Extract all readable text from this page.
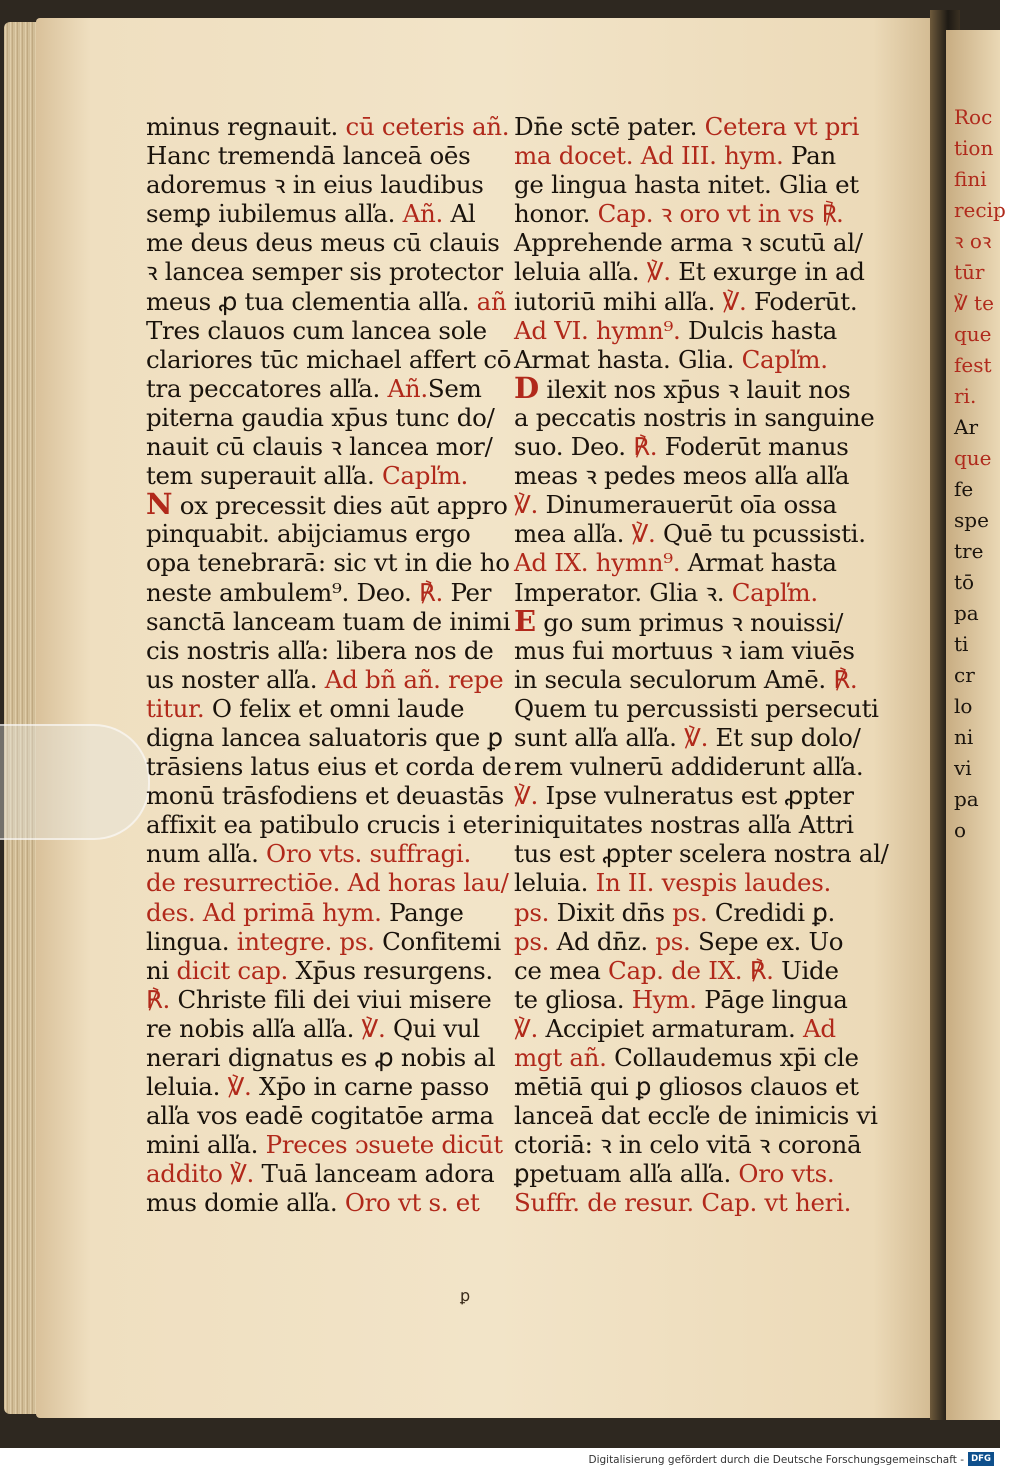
Roc
tion
fini
recip
ꝛ oꝛ
tūr
℣ te
que
fest
ri.
Ar
que
fe
spe
tre
tō
pa
ti
cr
lo
ni
vi
pa
o
minus regnauit. cū ceteris añ.
Hanc tremendā lanceā oēs
adoremus ꝛ in eius laudibus
semꝑ iubilemus alľa. Añ. Al
me deus deus meus cū clauis
ꝛ lancea semper sis protector
meus ꝓ tua clementia alľa. añ
Tres clauos cum lancea sole
clariores tūc michael affert cō
tra peccatores alľa. Añ.Sem
piterna gaudia xp̄us tunc do/
nauit cū clauis ꝛ lancea mor/
tem superauit alľa. Capľm.
N ox precessit dies aūt appro
pinquabit. abijciamus ergo
opa tenebrarā: sic vt in die ho
neste ambulem⁹. Deo. ℟. Per
sanctā lanceam tuam de inimi
cis nostris alľa: libera nos de
us noster alľa. Ad bñ añ. repe
titur. O felix et omni laude
digna lancea saluatoris que ꝑ
trāsiens latus eius et corda de
monū trāsfodiens et deuastās
affixit ea patibulo crucis i eter
num alľa. Oro vts. suffragi.
de resurrectiōe. Ad horas lau/
des. Ad primā hym. Pange
lingua. integre. ps. Confitemi
ni dicit cap. Xp̄us resurgens.
℟. Christe fili dei viui misere
re nobis alľa alľa. ℣. Qui vul
nerari dignatus es ꝓ nobis al
leluia. ℣. Xp̄o in carne passo
alľa vos eadē cogitatōe arma
mini alľa. Preces ɔsuete dicūt
addito ℣. Tuā lanceam adora
mus domie alľa. Oro vt s. et
Dn̄e sctē pater. Cetera vt pri
ma docet. Ad III. hym. Pan
ge lingua hasta nitet. Glia et
honor. Cap. ꝛ oro vt in vs ℟.
Apprehende arma ꝛ scutū al/
leluia alľa. ℣. Et exurge in ad
iutoriū mihi alľa. ℣. Foderūt.
Ad VI. hymn⁹. Dulcis hasta
Armat hasta. Glia. Capľm.
D ilexit nos xp̄us ꝛ lauit nos
a peccatis nostris in sanguine
suo. Deo. ℟. Foderūt manus
meas ꝛ pedes meos alľa alľa
℣. Dinumerauerūt oīa ossa
mea alľa. ℣. Quē tu pcussisti.
Ad IX. hymn⁹. Armat hasta
Imperator. Glia ꝛ. Capľm.
E go sum primus ꝛ nouissi/
mus fui mortuus ꝛ iam viuēs
in secula seculorum Amē. ℟.
Quem tu percussisti persecuti
sunt alľa alľa. ℣. Et sup dolo/
rem vulnerū addiderunt alľa.
℣. Ipse vulneratus est ꝓpter
iniquitates nostras alľa Attri
tus est ꝓpter scelera nostra al/
leluia. In II. vespis laudes.
ps. Dixit dn̄s ps. Credidi ꝑ.
ps. Ad dn̄z. ps. Sepe ex. Uo
ce mea Cap. de IX. ℟. Uide
te gliosa. Hym. Pāge lingua
℣. Accipiet armaturam. Ad
mgt añ. Collaudemus xp̄i cle
mētiā qui ꝑ gliosos clauos et
lanceā dat eccľe de inimicis vi
ctoriā: ꝛ in celo vitā ꝛ coronā
ꝑpetuam alľa alľa. Oro vts.
Suffr. de resur. Cap. vt heri.
ꝑ
Digitalisierung gefördert durch die Deutsche Forschungsgemeinschaft - DFG
